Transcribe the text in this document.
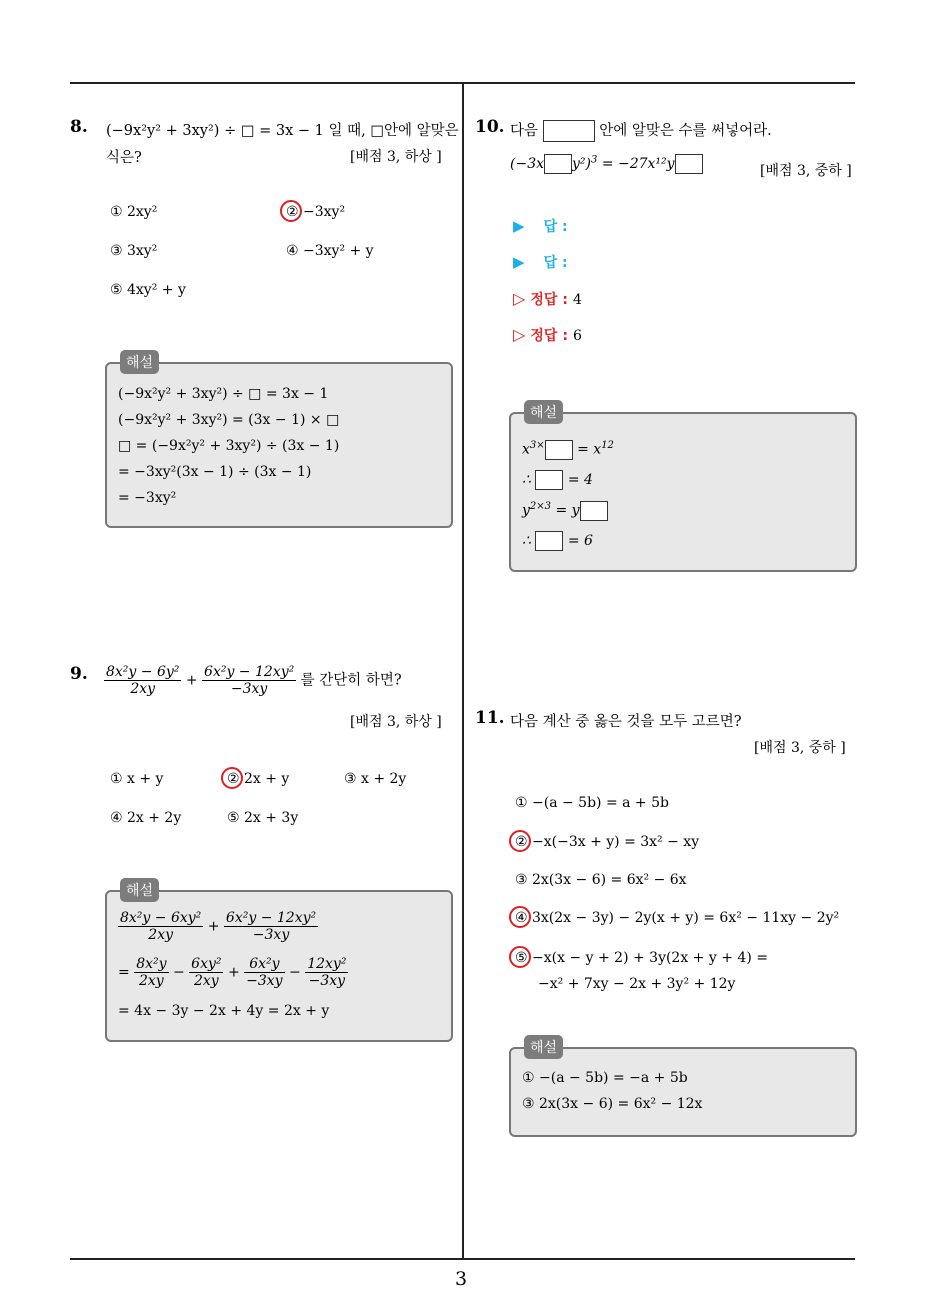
3
8. (−9x²y² + 3xy²) ÷ □ = 3x − 1 일 때, □안에 알맞은
식은?	[배점 3, 하상 ]
① 2xy²	② −3xy²
③ 3xy²	④ −3xy² + y
⑤ 4xy² + y
해설
(−9x²y² + 3xy²) ÷ □ = 3x − 1
(−9x²y² + 3xy²) = (3x − 1) × □
□ = (−9x²y² + 3xy²) ÷ (3x − 1)
= −3xy²(3x − 1) ÷ (3x − 1)
= −3xy²
9. $\frac{\text{8x²y − 6y²}}{2xy} + \frac{\text{6x²y − 12xy²}}{-3xy}$ 를 간단히 하면?
[배점 3, 하상 ]
① x + y	② 2x + y	③ x + 2y
④ 2x + 2y	⑤ 2x + 3y
해설
$\frac{\text{8x²y − 6xy²}}{2xy} + \frac{\text{6x²y − 12xy²}}{-3xy}$
= $\frac{\text{8x²y}}{2xy} - \frac{\text{6xy²}}{2xy} + \frac{\text{6x²y}}{-3xy} - \frac{\text{12xy²}}{-3xy}$
= 4x − 3y − 2x + 4y = 2x + y
10. 다음	안에 알맞은 수를 써넣어라.
(−3x y²)$^3$ = −27x¹²y	[배점 3, 중하 ]
▶ 답 :
▶ 답 :
▷ 정답 : 4
▷ 정답 : 6
해설
$x^{3\times} = x^{12}$
∴	= 4
$y^{2\times 3} = y$
∴	= 6
11. 다음 계산 중 옳은 것을 모두 고르면?
[배점 3, 중하 ]
① −(a − 5b) = a + 5b
② −x(−3x + y) = 3x² − xy
③ 2x(3x − 6) = 6x² − 6x
④ 3x(2x − 3y) − 2y(x + y) = 6x² − 11xy − 2y²
⑤ −x(x − y + 2) + 3y(2x + y + 4) =
−x² + 7xy − 2x + 3y² + 12y
해설
① −(a − 5b) = −a + 5b
③ 2x(3x − 6) = 6x² − 12x
